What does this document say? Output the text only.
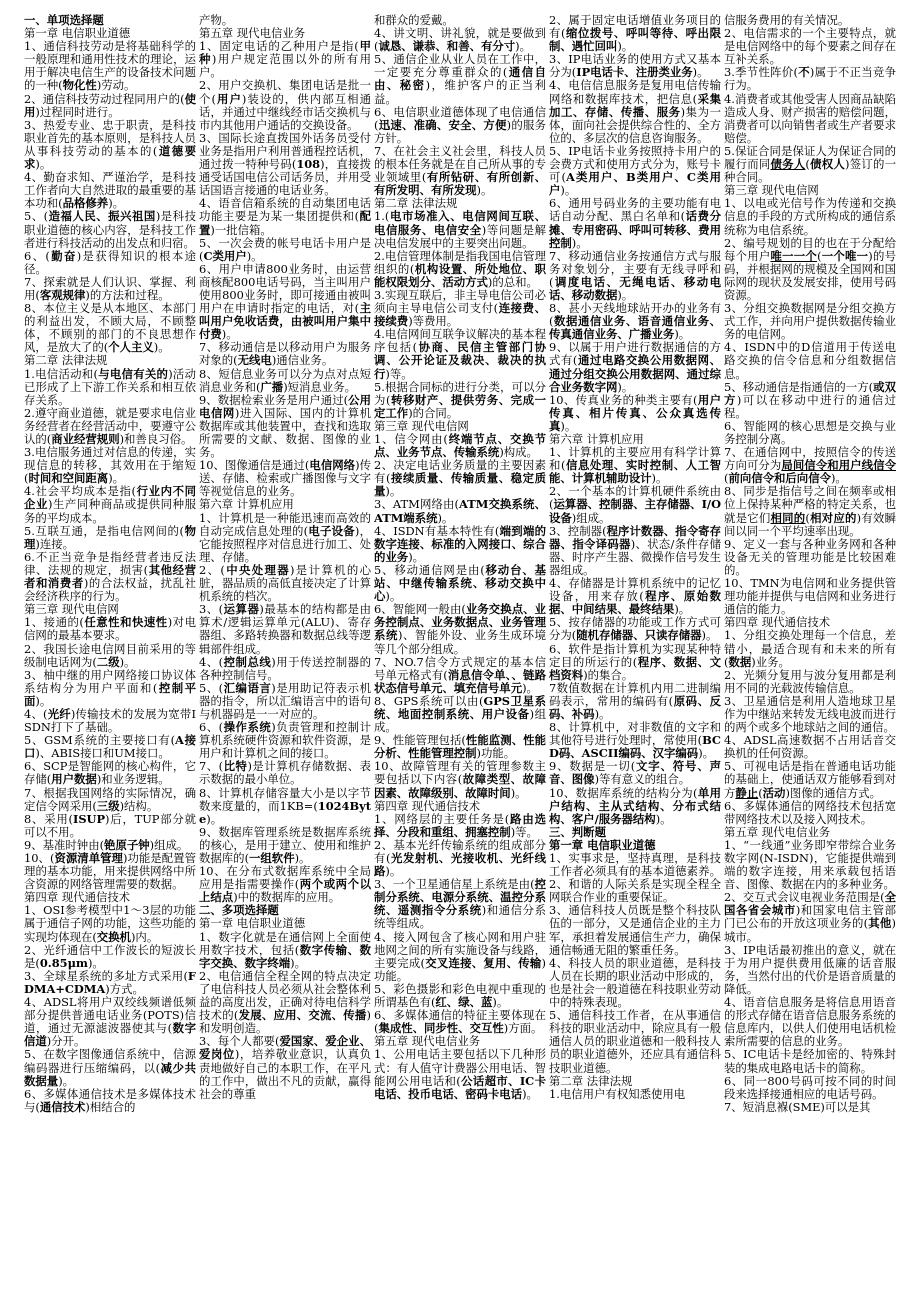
一、单项选择题

第一章 电信职业道德

1、通信科技劳动是将基础科学的一般原理和通用性技术的理论，运用于解决电信生产的设备技术问题的一种(物化性)劳动。

2、通信科技劳动过程同用户的(使用)过程同时进行。

3、热爱专业、忠于职责，是科技职业首先的基本原则，是科技人员从事科技劳动的基本的(道德要求)。

4、勤奋求知、严谨治学，是科技工作者向大自然进取的最重要的基本功和(品格修养)。

5、(造福人民、振兴祖国)是科技职业道德的核心内容，是科技工作者进行科技活动的出发点和归宿。

6、(勤奋)是获得知识的根本途径。

7、探索就是人们认识、掌握、利用(客观规律)的方法和过程。

8、本位主义是从本地区、本部门的利益出发，不顾大局，不顾整体，不顾别的部门的不良思想作风，是放大了的(个人主义)。

第二章 法律法规

1.电信活动和(与电信有关的)活动已形成了上下游工作关系和相互依存关系。

2.遵守商业道德，就是要求电信业务经营者在经营活动中，要遵守公认的(商业经营规则)和善良习俗。

3.电信服务通过对信息的传递，实现信息的转移，其效用在于缩短(时间和空间距离)。

4.社会平均成本是指(行业内不同企业)生产同种商品或提供同种服务的平均成本。

5.互联互通，是指电信网间的(物理)连接。

6.不正当竞争是指经营者违反法律、法规的规定，损害(其他经营者和消费者)的合法权益，扰乱社会经济秩序的行为。

第三章 现代电信网

1、接通的(任意性和快速性)对电信网的最基本要求。

2、我国长途电信网目前采用的等级制电话网为(二级)。

3、柚中继的用户网络接口协议体系结构分为用户平面和(控制平面)。

4、(光纤)传输技术的发展为宽带ISDN打下了基础。

5、GSM系统的主要接口有(A接口)、ABIS接口和UM接口。

6、SCP是智能网的核心构件，它存储(用户数据)和业务逻辑。

7、根据我国网络的实际情况，确定信令网采用(三级)结构。

8、采用(ISUP)后，TUP部分就可以不用。

9、基准时钟由(铯原子钟)组成。

10、(资源清单管理)功能是配置管理的基本功能，用来提供网络中所含资源的网络管理需要的数据。

第四章 现代通信技术

1、OSI参考模型中1～3层的功能属于通信子网的功能，这些功能的实现均体现在(交换机)内。

2、光纤通信中工作波长的短波长是(0.85μm)。

3、全球星系统的多址方式采用(FDMA+CDMA)方式。

4、ADSL将用户双绞线频谱低频部分提供普通电话业务(POTS)信道，通过无源滤波器使其与(数字信道)分开。

5、在数字图像通信系统中，信源编码器进行压缩编码，以(减少共数据量)。

6、多媒体通信技术是多媒体技术与(通信技术)相结合的

产物。

第五章 现代电信业务

1、固定电话的乙种用户是指(甲种)用户规定范围以外的所有用户。

2、用户交换机、集团电话是批一个(用户)装设的，供内部互相通话，并通过中继线经市话交换机与市内其他用户通话的交换设备。

3、国际长途直拨国外话务员受付业务是指用户利用普通程控话机，通过拨一特种号码(108)，直接拨通受话国电信公司话务员，并用受话国语言接通的电话业务。

4、语音信箱系统的自动集团电话功能主要是为某一集团提供和(配置)一批信箱。

5、一次会费的帐号电话卡用户是(C类用户)。

6、用户申请800业务时，由运营商核配800电话号码，当主叫用户使用800业务时，即可接通由被叫用户在申请时指定的电话，对(主叫用户免收话费，由被叫用户集中付费)。

7、移动通信是以移动用户为服务对象的(无线电)通信业务。

8、短信息业务可以分为点对点短消息业务和(广播)短消息业务。

9、数据检索业务是用户通过(公用电信网)进入国际、国内的计算机数据库或其他装置中，查找和选取所需要的文献、数据、图像的业务。

10、图像通信是通过(电信网络)传送、存储、检索或广播图像与文字等视觉信息的业务。

第六章 计算机应用

1、计算机是一种能迅速而高效的自动完成信息处理的(电子设备)，它能按照程序对信息进行加工、处理、存储。

2、(中央处理器)是计算机的心脏，器品质的高低直接决定了计算机系统的档次。

3、(运算器)最基本的结构都是由算术/逻辑运算单元(ALU)、寄存器组、多路转换器和数据总线等逻辑部件组成。

4、(控制总线)用于传送控制器的各种控制信号。

5、(汇编语言)是用助记符表示机器的指令，所以汇编语言中的语句与机器码是一一对应的。

6、(操作系统)负责管理和控制计算机系统硬件资源和软件资源，是用户和计算机之间的接口。

7、(比特)是计算机存储数据、表示数据的最小单位。

8、计算机存储容量大小是以字节数来度量的，而1KB=(1024Byte)。

9、数据库管理系统是数据库系统的核心，是用于建立、使用和维护数据库的(一组软件)。

10、在分布式数据库系统中全局应用是指需要操作(两个或两个以上结点)中的数据库的应用。

二、多项选择题

第一章 电信职业道德

1、数字化就是在通信网上全面使用数字技术，包括(数字传输、数字交换、数字终端)。

2、电信通信全程全网的特点决定了电信科技人员必须从社会整体利益的高度出发，正确对待电信科学技术的(发展、应用、交流、传播)和发明创造。

3、每个人都要(爱国家、爱企业、爱岗位)，培养敬业意识，认真负责地做好自己的本职工作，在平凡的工作中，做出不凡的贡献，赢得社会的尊重

和群众的爱戴。

4、讲文明、讲礼貌，就是要做到(诚恳、谦恭、和善、有分寸)。

5、通信企业从业人员在工作中，一定要充分尊重群众的(通信自由、秘密)，维护客户的正当利益。

6、电信职业道德体现了电信通信(迅速、准确、安全、方便)的服务方针。

7、在社会主义社会里，科技人员的根本任务就是在自己所从事的专业领域里(有所钻研、有所创新、有所发明、有所发现)。

第二章 法律法规

1.(电市场准入、电信网间互联、电信服务、电信安全)等问题是解决电信发展中的主要突出问题。

2.电信管理体制是指我国电信管理组织的(机构设置、所处地位、职能权限划分、活动方式)的总和。

3.实现互联后，非主导电信公司必须向主导电信公司支付(连接费、接续费)等费用。

4.电信网间互联争议解决的基本程序包括(协商、民信主管部门协调、公开论证及裁决、裁决的执行)等。

5.根据合同标的进行分类，可以分为(转移财产、提供劳务、完成一定工作)的合同。

第三章 现代电信网

1、信令网由(终端节点、交换节点、业务节点、传输系统)构成。

2、决定电话业务质量的主要因素有(接续质量、传输质量、稳定质量)。

3、ATM网络由(ATM交换系统、ATM端系统)。

4、ISDN有基本特性有(端到端的数字连接、标准的入网接口、综合的业务)。

5、移动通信网是由(移动台、基站、中继传输系统、移动交换中心)。

6、智能网一般由(业务交换点、业务控制点、业务数据点、业务管理系统)、智能外设、业务生成环境等几个部分组成。

7、NO.7信令方式规定的基本信号单元格式有(消息信令单、、链路状态信号单元、填充信号单元)。

8、GPS系统可以由(GPS卫星系统、地面控制系统、用户设备)组成。

9、性能管理包括(性能监测、性能分析、性能管理控制)功能。

10、故障管理有关的管理参数主要包括以下内容(故障类型、故障因素、故障级别、故障时间)。

第四章 现代通信技术

1、网络层的主要任务是(路由选择、分段和重组、拥塞控制)等。

2、基本光纤传输系统的组成部分有(光发射机、光接收机、光纤线路)。

3、一个卫星通信星上系统是由(控制分系统、电源分系统、温控分系统、遥测指令分系统)和通信分系统等组成。

4、接入网包含了核心网和用户驻地网之间的所有实施设备与线路，主要完成(交叉连接、复用、传输)功能。

5、彩色摄影和彩色电视中重现的所谓基色有(红、绿、蓝)。

6、多媒体通信的特征主要体现在(集成性、同步性、交互性)方面。

第五章 现代电信业务

1、公用电话主要包括以下几种形式：有人值守计费器公用电话、智能网公用电话和(公话超市、IC卡电话、投币电话、密码卡电话)。

2、属于固定电话增值业务项目的有(缩位拨号、呼叫等待、呼出限制、遇忙回叫)。

3、IP电话业务的使用方式又基本分为(IP电话卡、注册类业务)。

4、电信信息服务是复用电信传输网络和数据库技术，把信息(采集加工、存储、传播、服务)集为一体，面向社会提供综合性的、全方位的、多层次的信息咨询服务。

5、IP电话卡业务按照持卡用户的会费方式和使用方式分为，账号卡可(A类用户、B类用户、C类用户)。

6、通用号码业务的主要功能有电话自动分配、黑白名单和(话费分摊、专用密码、呼叫可转移、费用控制)。

7、移动通信业务按通信方式与服务对象划分，主要有无线寻呼和(调度电话、无绳电话、移动电话、移动数据)。

8、甚小天线地球站开办的业务有(数据通信业务、语音通信业务、传真通信业务、广播业务)。

9、以属于用户进行数据通信的方式有(通过电路交换公用数据网、通过分组交换公用数据网、通过综合业务数字网)。

10、传真业务的种类主要有(用户传真、相片传真、公众真选传真)。

第六章 计算机应用

1、计算机的主要应用有科学计算和(信息处理、实时控制、人工智能、计算机辅助设计)。

2、一个基本的计算机硬件系统由(运算器、控制器、主存储器、I/O设备)组成。

3、控制器(程序计数器、指令寄存器、指令译码器)、状态/条件存储器、时序产生器、微操作信号发生器组成。

4、存储器是计算机系统中的记忆设备，用来存放(程序、原始数据、中间结果、最终结果)。

5、按存储器的功能或工作方式可分为(随机存储器、只读存储器)。

6、软件是指计算机为实现某种特定目的所运行的(程序、数据、文档资料)的集合。

7数值数据在计算机内用二进制编码表示，常用的编码有(原码、反码、补码)。

8、计算机中，对非数值的文字和其他符号进行处理时，常使用(BCD码、ASCII编码、汉字编码)。

9、数据是一切(文字、符号、声音、图像)等有意义的组合。

10、数据库系统的结构分为(单用户结构、主从式结构、分布式结构、客户/服务器结构)。

三、判断题

第一章 电信职业道德

1、实事求是，坚持真理，是科技工作者必须具有的基本道德素养。2、和谐的人际关系是实现全程全网联合作业的重要保证。

3、通信科技人员既是整个科技队伍的一部分，又是通信企业的主力军，承担着发展通信生产力，确保通信畅通无阻的繁重任务。

4、科技人员的职业道德，是科技人员在长期的职业活动中形成的，也是社会一般道德在科技职业劳动中的特殊表现。

5、通信科技工作者，在从事通信科技的职业活动中，除应具有一般通信人员的职业道德和一般科技人员的职业道德外，还应具有通信科技职业道德。

第二章 法律法规

1.电信用户有权知悉使用电

信服务费用的有关情况。

2、电信需求的一个主要特点，就是电信网络中的每个要素之间存在互补关系。

3.季节性阵价(不)属于不正当竞争行为。

4.消费者或其他受害人因商品缺陷造成人身、财产损害的赔偿问题，消费者可以向销售者或生产者要求赔偿。

5.保证合同是保证人为保证合同的履行而同债务人(债权人)签订的一种合同。

第三章 现代电信网

1、以电或光信号作为传递和交换信息的手段的方式所构成的通信系统称为电信系统。

2、编号规划的目的也在于分配给每个用户唯一一个(一个唯一)的号码，并根据网的规模及全国网和国际网的现状及发展安排，使用号码资源。

3、分组交换数据网是分组交换方式工作，并向用户提供数据传输业务的电信网。

4、ISDN中的D信道用于传送电路交换的信令信息和分组数据信息。

5、移动通信是指通信的一方(或双方)可以在移动中进行的通信过程。

6、智能网的核心思想是交换与业务控制分离。

7、在通信网中，按照信令的传送方向可分为局间信令和用户线信令(前向信令和后向信令)。

8、同步是指信号之间在频率或相位上保持某种严格的特定关系，也就是它们相同的(相对应的)有效瞬间以同一个平均速率出现。

9、定义一套与各种业务网和各种设备无关的管理功能是比较困难的。

10、TMN为电信网和业务提供管理功能并提供与电信网和业务进行通信的能力。

第四章 现代通信技术

1、分组交换处理每一个信息，差错小，最适合现有和未来的所有(数据)业务。

2、光频分复用与波分复用都是利用不同的光载波传输信息。

3、卫星通信是利用人造地球卫星作为中继站来转发无线电波而进行的两个或多个地球站之间的通信。

4、ADSL高速数据不占用话音交换机的任何资源。

5、可视电话是指在普通电话功能的基础上，使通话双方能够看到对方静止(活动)图像的通信方式。

6、多媒体通信的网络技术包括宽带网络技术以及接入网技术。

第五章 现代电信业务

1、“一线通”业务即窄带综合业务数字网(N-ISDN)，它能提供端到端的数字连接，用来承载包括语音、图像、数据在内的多种业务。

2、交互式会议电视业务范围是(全国各省会城市)和国家电信主管部门已公布的开放这项业务的(其他)城市。

3、IP电话最初推出的意义，就在于为用户提供费用低廉的话音服务，当然付出的代价是语音质量的降低。

4、语音信息服务是将信息用语音的形式存储在语音信息服务系统的信息库内，以供人们使用电话机检索所需要的信息的业务。

5、IC电话卡是经加密的、特殊封装的集成电路电话卡的简称。

6、同一800号码可按不同的时间段来选择接通相应的电话号码。

7、短消息褓(SME)可以是其
